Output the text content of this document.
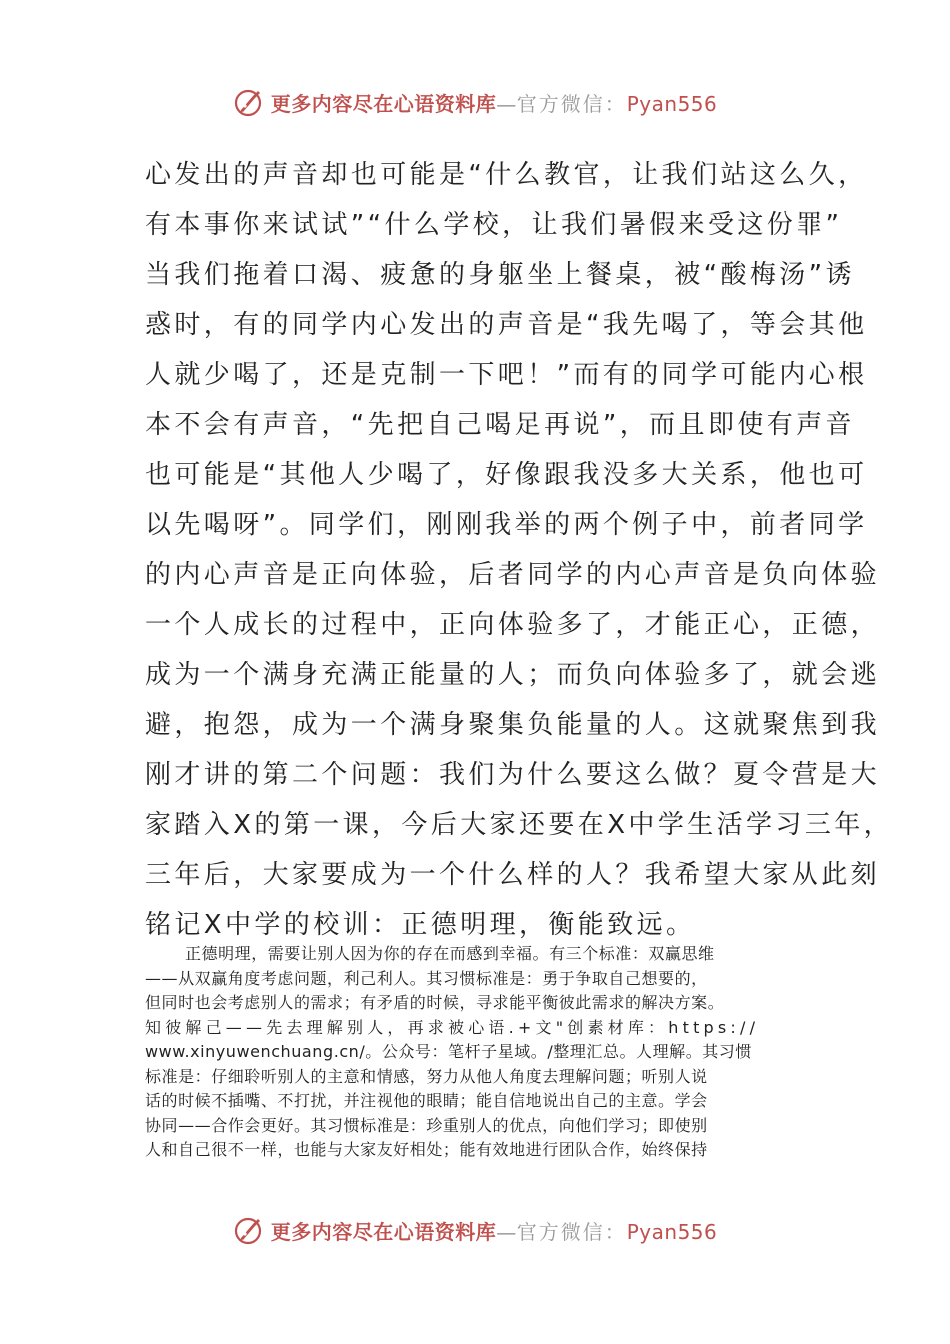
更多内容尽在心语资料库—官方微信：Pyan556
心发出的声音却也可能是“什么教官，让我们站这么久，
有本事你来试试”“什么学校，让我们暑假来受这份罪”
当我们拖着口渴、疲惫的身躯坐上餐桌，被“酸梅汤”诱
惑时，有的同学内心发出的声音是“我先喝了，等会其他
人就少喝了，还是克制一下吧！”而有的同学可能内心根
本不会有声音，“先把自己喝足再说”，而且即使有声音
也可能是“其他人少喝了，好像跟我没多大关系，他也可
以先喝呀”。同学们，刚刚我举的两个例子中，前者同学
的内心声音是正向体验，后者同学的内心声音是负向体验
一个人成长的过程中，正向体验多了，才能正心，正德，
成为一个满身充满正能量的人；而负向体验多了，就会逃
避，抱怨，成为一个满身聚集负能量的人。这就聚焦到我
刚才讲的第二个问题：我们为什么要这么做？夏令营是大
家踏入X的第一课，今后大家还要在X中学生活学习三年，
三年后，大家要成为一个什么样的人？我希望大家从此刻
铭记X中学的校训：正德明理，衡能致远。
正德明理，需要让别人因为你的存在而感到幸福。有三个标准：双赢思维
——从双赢角度考虑问题，利己利人。其习惯标准是：勇于争取自己想要的，
但同时也会考虑别人的需求；有矛盾的时候，寻求能平衡彼此需求的解决方案。
知彼解己——先去理解别人，再求被心语.+文"创素材库：https://
www.xinyuwenchuang.cn/。公众号：笔杆子星域。/整理汇总。人理解。其习惯
标准是：仔细聆听别人的主意和情感，努力从他人角度去理解问题；听别人说
话的时候不插嘴、不打扰，并注视他的眼睛；能自信地说出自己的主意。学会
协同——合作会更好。其习惯标准是：珍重别人的优点，向他们学习；即使别
人和自己很不一样，也能与大家友好相处；能有效地进行团队合作，始终保持
更多内容尽在心语资料库—官方微信：Pyan556
